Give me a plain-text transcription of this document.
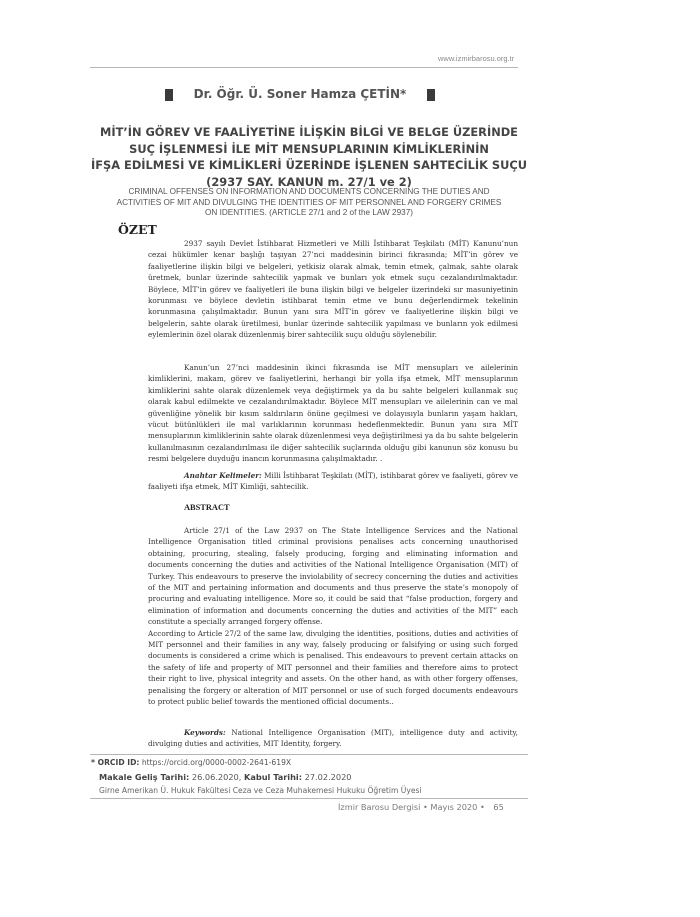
www.izmirbarosu.org.tr
Dr. Öğr. Ü. Soner Hamza ÇETİN*
MİT’İN GÖREV VE FAALİYETİNE İLİŞKİN BİLGİ VE BELGE ÜZERİNDE
SUÇ İŞLENMESİ İLE MİT MENSUPLARININ KİMLİKLERİNİN
İFŞA EDİLMESİ VE KİMLİKLERİ ÜZERİNDE İŞLENEN SAHTECİLİK SUÇU
(2937 SAY. KANUN m. 27/1 ve 2)
CRIMINAL OFFENSES ON INFORMATION AND DOCUMENTS CONCERNING THE DUTIES AND
ACTIVITIES OF MIT AND DIVULGING THE IDENTITIES OF MIT PERSONNEL AND FORGERY CRIMES
ON IDENTITIES. (ARTICLE 27/1 and 2 of the LAW 2937)
ÖZET

2937 sayılı Devlet İstihbarat Hizmetleri ve Milli İstihbarat Teşkilatı (MİT) Kanunu’nun cezai hükümler kenar başlığı taşıyan 27’nci maddesinin birinci fıkrasında; MİT’in görev ve faaliyetlerine ilişkin bilgi ve belgeleri, yetkisiz olarak almak, temin etmek, çalmak, sahte olarak üretmek, bunlar üzerinde sahtecilik yapmak ve bunları yok etmek suçu cezalandırılmaktadır. Böylece, MİT’in görev ve faaliyetleri ile buna ilişkin bilgi ve belgeler üzerindeki sır masuniyetinin korunması ve böylece devletin istihbarat temin etme ve bunu değerlendirmek tekelinin korunmasına çalışılmaktadır. Bunun yanı sıra MİT’in görev ve faaliyetlerine ilişkin bilgi ve belgelerin, sahte olarak üretilmesi, bunlar üzerinde sahtecilik yapılması ve bunların yok edilmesi eylemlerinin özel olarak düzenlenmiş birer sahtecilik suçu olduğu söylenebilir.

Kanun’un 27’nci maddesinin ikinci fıkrasında ise MİT mensupları ve ailelerinin kimliklerini, makam, görev ve faaliyetlerini, herhangi bir yolla ifşa etmek, MİT mensuplarının kimliklerini sahte olarak düzenlemek veya değiştirmek ya da bu sahte belgeleri kullanmak suç olarak kabul edilmekte ve cezalandırılmaktadır. Böylece MİT mensupları ve ailelerinin can ve mal güvenliğine yönelik bir kısım saldırıların önüne geçilmesi ve dolayısıyla bunların yaşam hakları, vücut bütünlükleri ile mal varlıklarının korunması hedeflenmektedir. Bunun yanı sıra MİT mensuplarının kimliklerinin sahte olarak düzenlenmesi veya değiştirilmesi ya da bu sahte belgelerin kullanılmasının cezalandırılması ile diğer sahtecilik suçlarında olduğu gibi kanunun söz konusu bu resmi belgelere duyduğu inancın korunmasına çalışılmaktadır. .

Anahtar Kelimeler: Milli İstihbarat Teşkilatı (MİT), istihbarat görev ve faaliyeti, görev ve faaliyeti ifşa etmek, MİT Kimliği, sahtecilik.

ABSTRACT

Article 27/1 of the Law 2937 on The State Intelligence Services and the National Intelligence Organisation titled criminal provisions penalises acts concerning unauthorised obtaining, procuring, stealing, falsely producing, forging and eliminating information and documents concerning the duties and activities of the National Intelligence Organisation (MIT) of Turkey. This endeavours to preserve the inviolability of secrecy concerning the duties and activities of the MIT and pertaining information and documents and thus preserve the state’s monopoly of procuring and evaluating intelligence. More so, it could be said that “false production, forgery and elimination of information and documents concerning the duties and activities of the MIT” each constitute a specially arranged forgery offense.

According to Article 27/2 of the same law, divulging the identities, positions, duties and activities of MIT personnel and their families in any way, falsely producing or falsifying or using such forged documents is considered a crime which is penalised. This endeavours to prevent certain attacks on the safety of life and property of MIT personnel and their families and therefore aims to protect their right to live, physical integrity and assets. On the other hand, as with other forgery offenses, penalising the forgery or alteration of MIT personnel or use of such forged documents endeavours to protect public belief towards the mentioned official documents..

Keywords: National Intelligence Organisation (MIT), intelligence duty and activity, divulging duties and activities, MIT Identity, forgery.

* ORCID ID: https://orcid.org/0000-0002-2641-619X
Makale Geliş Tarihi: 26.06.2020, Kabul Tarihi: 27.02.2020
Girne Amerikan Ü. Hukuk Fakültesi Ceza ve Ceza Muhakemesi Hukuku Öğretim Üyesi
İzmir Barosu Dergisi • Mayıs 2020 • 65
